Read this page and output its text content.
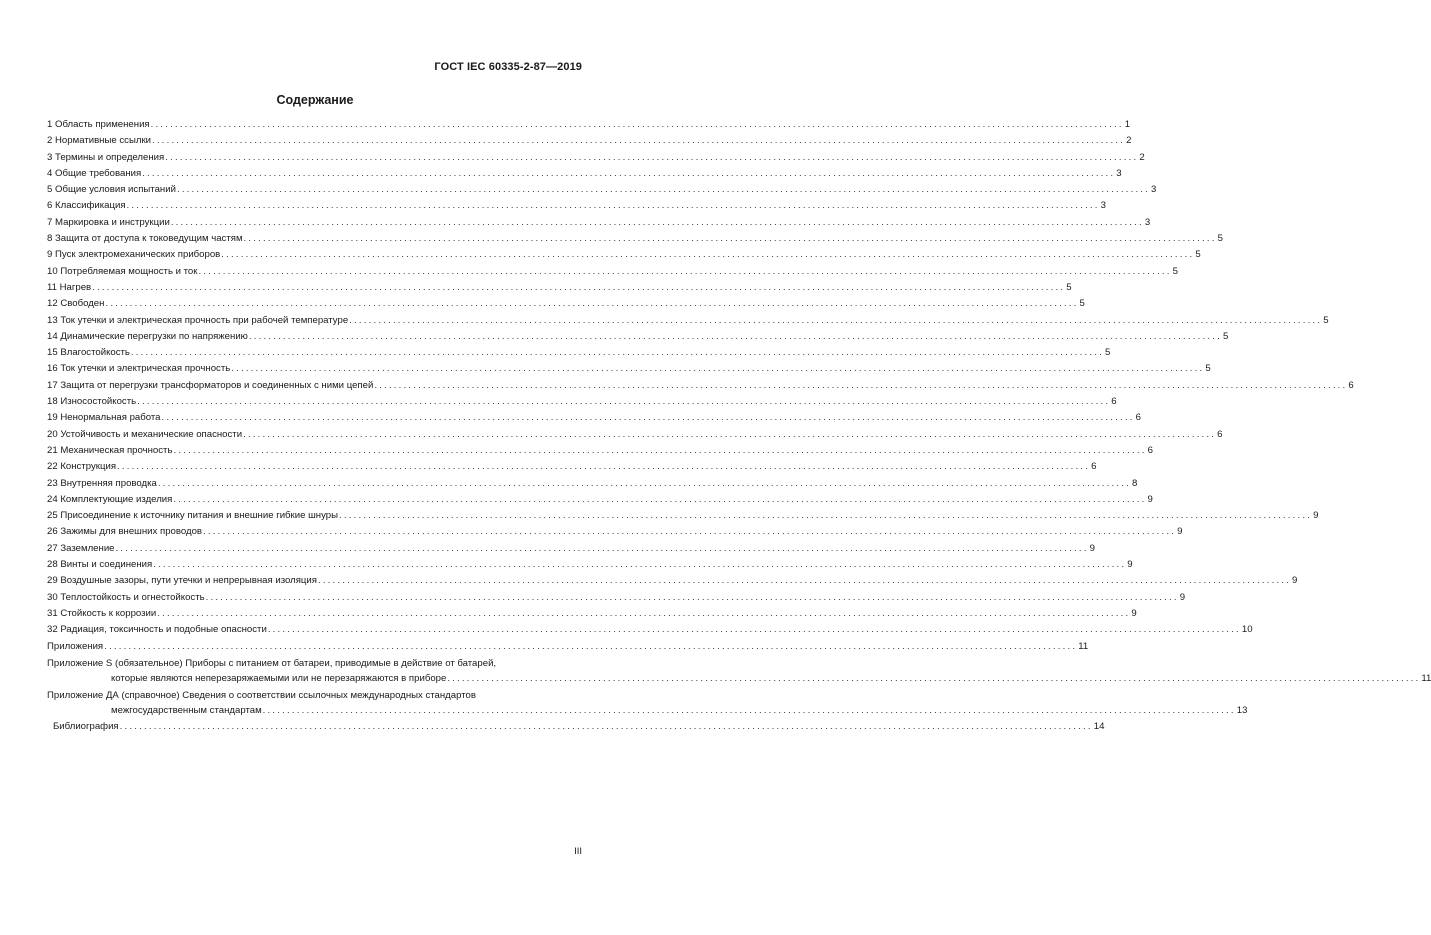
ГОСТ IEC 60335-2-87—2019
Содержание
1 Область применения ........................................................................................................................................................................................................ 1
2 Нормативные ссылки ........................................................................................................................................................................................................ 2
3 Термины и определения ........................................................................................................................................................................................................ 2
4 Общие требования ........................................................................................................................................................................................................ 3
5 Общие условия испытаний ........................................................................................................................................................................................................ 3
6 Классификация ........................................................................................................................................................................................................ 3
7 Маркировка и инструкции ........................................................................................................................................................................................................ 3
8 Защита от доступа к токоведущим частям ........................................................................................................................................................................................................ 5
9 Пуск электромеханических приборов ........................................................................................................................................................................................................ 5
10 Потребляемая мощность и ток ........................................................................................................................................................................................................ 5
11 Нагрев ........................................................................................................................................................................................................ 5
12 Свободен ........................................................................................................................................................................................................ 5
13 Ток утечки и электрическая прочность при рабочей температуре ........................................................................................................................................................................................................ 5
14 Динамические перегрузки по напряжению ........................................................................................................................................................................................................ 5
15 Влагостойкость ........................................................................................................................................................................................................ 5
16 Ток утечки и электрическая прочность ........................................................................................................................................................................................................ 5
17 Защита от перегрузки трансформаторов и соединенных с ними цепей ........................................................................................................................................................................................................ 6
18 Износостойкость ........................................................................................................................................................................................................ 6
19 Ненормальная работа ........................................................................................................................................................................................................ 6
20 Устойчивость и механические опасности ........................................................................................................................................................................................................ 6
21 Механическая прочность ........................................................................................................................................................................................................ 6
22 Конструкция ........................................................................................................................................................................................................ 6
23 Внутренняя проводка ........................................................................................................................................................................................................ 8
24 Комплектующие изделия ........................................................................................................................................................................................................ 9
25 Присоединение к источнику питания и внешние гибкие шнуры ........................................................................................................................................................................................................ 9
26 Зажимы для внешних проводов ........................................................................................................................................................................................................ 9
27 Заземление ........................................................................................................................................................................................................ 9
28 Винты и соединения ........................................................................................................................................................................................................ 9
29 Воздушные зазоры, пути утечки и непрерывная изоляция ........................................................................................................................................................................................................ 9
30 Теплостойкость и огнестойкость ........................................................................................................................................................................................................ 9
31 Стойкость к коррозии ........................................................................................................................................................................................................ 9
32 Радиация, токсичность и подобные опасности ........................................................................................................................................................................................................ 10
Приложения ........................................................................................................................................................................................................ 11
Приложение S (обязательное) Приборы с питанием от батареи, приводимые в действие от батарей,
которые являются неперезаряжаемыми или не перезаряжаются в приборе ........................................................................................................................................................................................................ 11
Приложение ДА (справочное) Сведения о соответствии ссылочных международных стандартов
межгосударственным стандартам ........................................................................................................................................................................................................ 13
Библиография ........................................................................................................................................................................................................ 14
III
